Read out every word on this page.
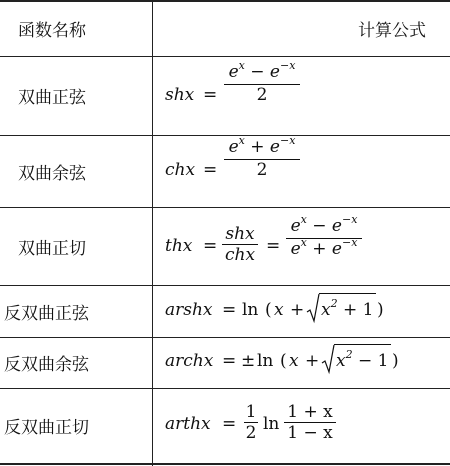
函数名称	计算公式
双曲正弦	shx =
$e^x - e^{-x}$
2
双曲余弦	chx =
$e^x + e^{-x}$
2
双曲正切	thx =
shx
chx =
$e^x - e^{-x}$
$e^x + e^{-x}$
反双曲正弦	arshx = ln ( $x + x^2 + 1$ )
反双曲余弦	archx = ± ln ( $x + x^2 - 1$ )
反双曲正切	arthx =
1
2 ln
1 + x
1 − x
